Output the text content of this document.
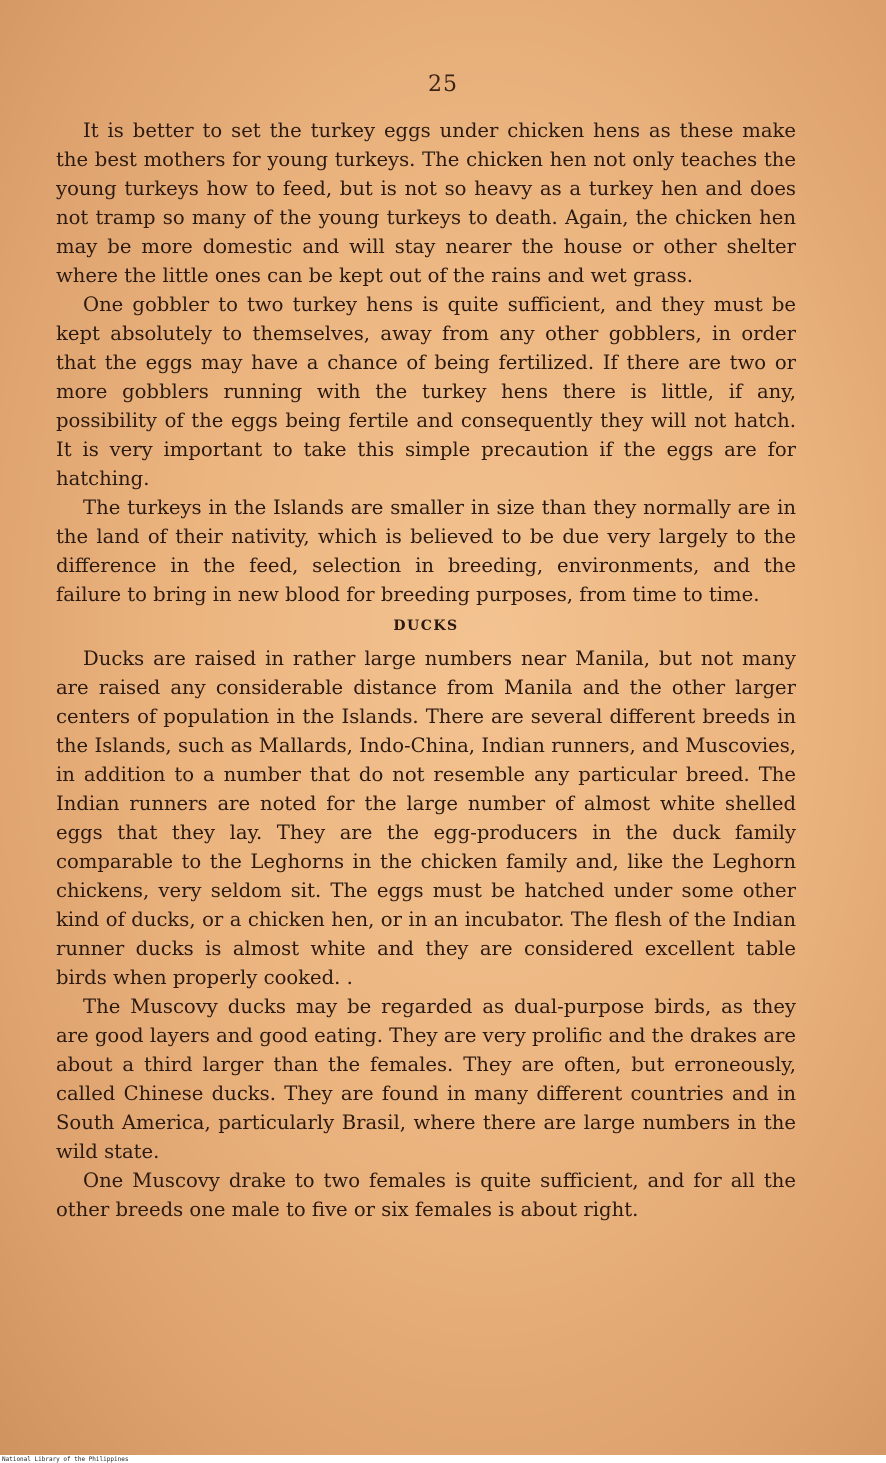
25

It is better to set the turkey eggs under chicken hens as these make the best mothers for young turkeys. The chicken hen not only teaches the young turkeys how to feed, but is not so heavy as a turkey hen and does not tramp so many of the young turkeys to death. Again, the chicken hen may be more domestic and will stay nearer the house or other shelter where the little ones can be kept out of the rains and wet grass.

One gobbler to two turkey hens is quite sufficient, and they must be kept absolutely to themselves, away from any other gobblers, in order that the eggs may have a chance of being fertilized. If there are two or more gobblers running with the turkey hens there is little, if any, possibility of the eggs being fertile and consequently they will not hatch. It is very important to take this simple precaution if the eggs are for hatching.

The turkeys in the Islands are smaller in size than they normally are in the land of their nativity, which is believed to be due very largely to the difference in the feed, selection in breeding, environments, and the failure to bring in new blood for breeding purposes, from time to time.

DUCKS

Ducks are raised in rather large numbers near Manila, but not many are raised any considerable distance from Manila and the other larger centers of population in the Islands. There are several different breeds in the Islands, such as Mallards, Indo-China, Indian runners, and Muscovies, in addition to a number that do not resemble any particular breed. The Indian runners are noted for the large number of almost white shelled eggs that they lay. They are the egg-producers in the duck family comparable to the Leghorns in the chicken family and, like the Leghorn chickens, very seldom sit. The eggs must be hatched under some other kind of ducks, or a chicken hen, or in an incubator. The flesh of the Indian runner ducks is almost white and they are considered excellent table birds when properly cooked. .

The Muscovy ducks may be regarded as dual-purpose birds, as they are good layers and good eating. They are very prolific and the drakes are about a third larger than the females. They are often, but erroneously, called Chinese ducks. They are found in many different countries and in South America, particularly Brasil, where there are large numbers in the wild state.

One Muscovy drake to two females is quite sufficient, and for all the other breeds one male to five or six females is about right.

National Library of the Philippines
